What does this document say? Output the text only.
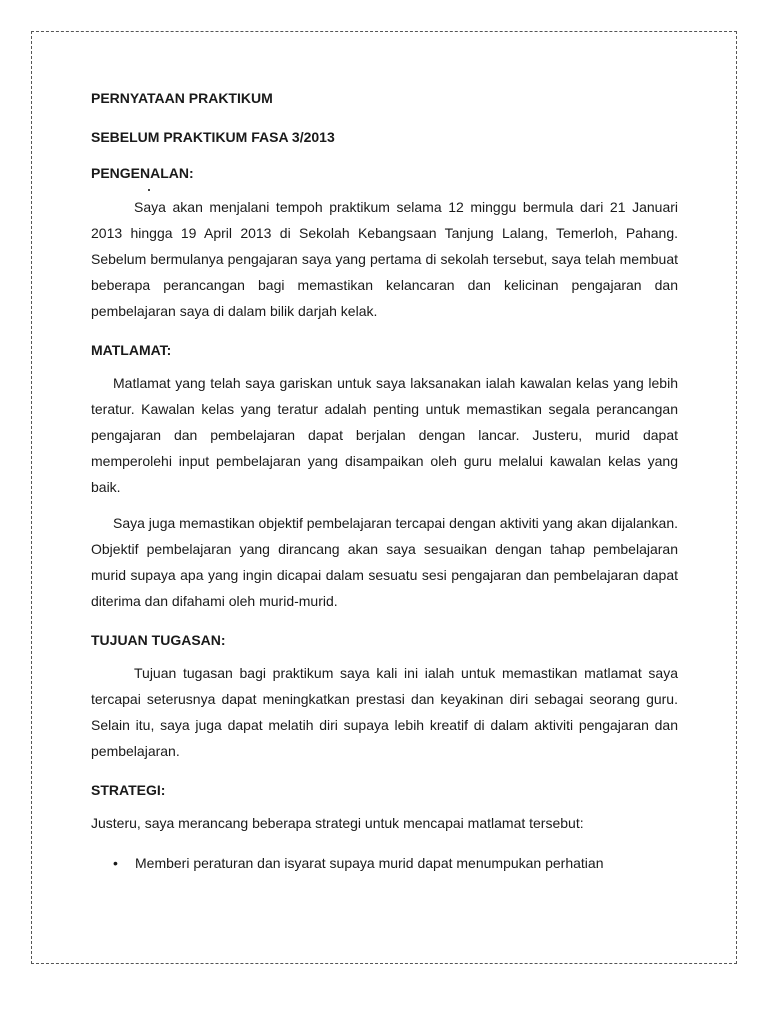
PERNYATAAN PRAKTIKUM

SEBELUM PRAKTIKUM FASA 3/2013

PENGENALAN:

Saya akan menjalani tempoh praktikum selama 12 minggu bermula dari 21 Januari 2013 hingga 19 April 2013 di Sekolah Kebangsaan Tanjung Lalang, Temerloh, Pahang. Sebelum bermulanya pengajaran saya yang pertama di sekolah tersebut, saya telah membuat beberapa perancangan bagi memastikan kelancaran dan kelicinan pengajaran dan pembelajaran saya di dalam bilik darjah kelak.

MATLAMAT:

Matlamat yang telah saya gariskan untuk saya laksanakan ialah kawalan kelas yang lebih teratur. Kawalan kelas yang teratur adalah penting untuk memastikan segala perancangan pengajaran dan pembelajaran dapat berjalan dengan lancar. Justeru, murid dapat memperolehi input pembelajaran yang disampaikan oleh guru melalui kawalan kelas yang baik.

Saya juga memastikan objektif pembelajaran tercapai dengan aktiviti yang akan dijalankan. Objektif pembelajaran yang dirancang akan saya sesuaikan dengan tahap pembelajaran murid supaya apa yang ingin dicapai dalam sesuatu sesi pengajaran dan pembelajaran dapat diterima dan difahami oleh murid-murid.

TUJUAN TUGASAN:

Tujuan tugasan bagi praktikum saya kali ini ialah untuk memastikan matlamat saya tercapai seterusnya dapat meningkatkan prestasi dan keyakinan diri sebagai seorang guru. Selain itu, saya juga dapat melatih diri supaya lebih kreatif di dalam aktiviti pengajaran dan pembelajaran.

STRATEGI:

Justeru, saya merancang beberapa strategi untuk mencapai matlamat tersebut:

• Memberi peraturan dan isyarat supaya murid dapat menumpukan perhatian
